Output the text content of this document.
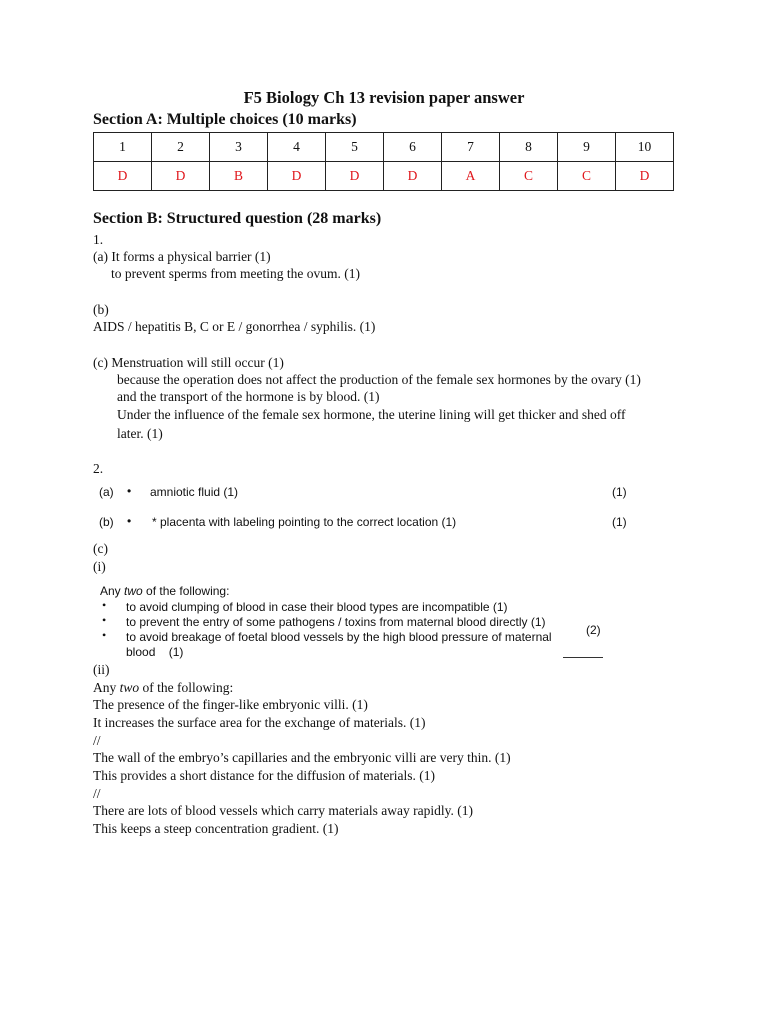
F5 Biology Ch 13 revision paper answer
Section A: Multiple choices (10 marks)
1	2	3	4	5	6	7	8	9	10
D	D	B	D	D	D	A	C	C	D
Section B: Structured question (28 marks)
1.
(a) It forms a physical barrier (1)
to prevent sperms from meeting the ovum. (1)
(b)
AIDS / hepatitis B, C or E / gonorrhea / syphilis. (1)
(c) Menstruation will still occur (1)
because the operation does not affect the production of the female sex hormones by the ovary (1)
and the transport of the hormone is by blood. (1)
Under the influence of the female sex hormone, the uterine lining will get thicker and shed off
later. (1)
2.
(a) • amniotic fluid (1)	(1)
(b) • * placenta with labeling pointing to the correct location (1)	(1)
(c)
(i)
Any two of the following:
• to avoid clumping of blood in case their blood types are incompatible (1)
• to prevent the entry of some pathogens / toxins from maternal blood directly (1)
• to avoid breakage of foetal blood vessels by the high blood pressure of maternal
blood    (1)
(2)
(ii)
Any two of the following:
The presence of the finger-like embryonic villi. (1)
It increases the surface area for the exchange of materials. (1)
//
The wall of the embryo’s capillaries and the embryonic villi are very thin. (1)
This provides a short distance for the diffusion of materials. (1)
//
There are lots of blood vessels which carry materials away rapidly. (1)
This keeps a steep concentration gradient. (1)
